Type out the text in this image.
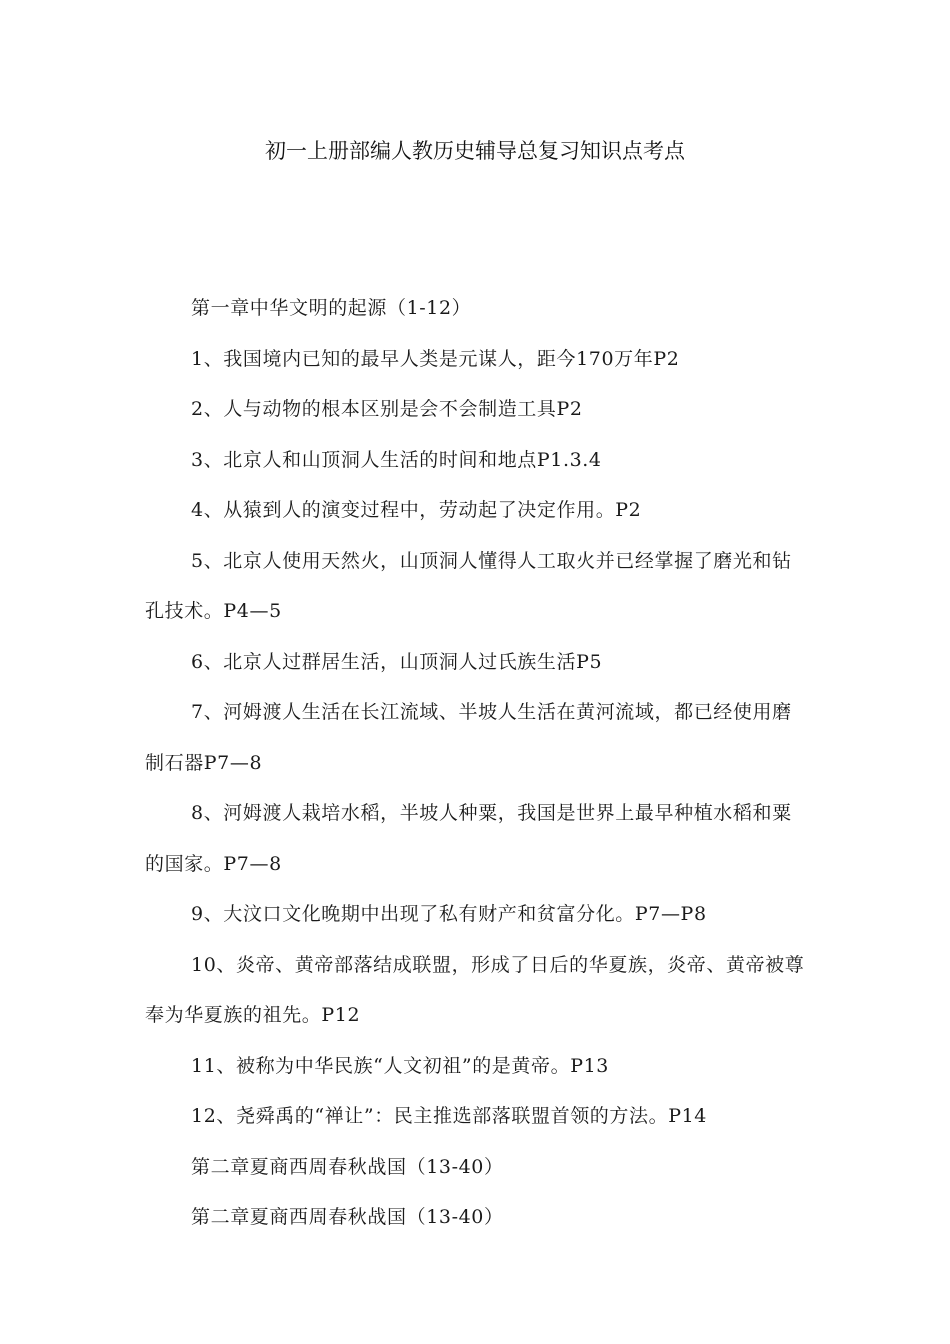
初一上册部编人教历史辅导总复习知识点考点

第一章中华文明的起源（1-12）

1、我国境内已知的最早人类是元谋人，距今170万年P2

2、人与动物的根本区别是会不会制造工具P2

3、北京人和山顶洞人生活的时间和地点P1.3.4

4、从猿到人的演变过程中，劳动起了决定作用。P2

5、北京人使用天然火，山顶洞人懂得人工取火并已经掌握了磨光和钻孔技术。P4—5

6、北京人过群居生活，山顶洞人过氏族生活P5

7、河姆渡人生活在长江流域、半坡人生活在黄河流域，都已经使用磨制石器P7—8

8、河姆渡人栽培水稻，半坡人种粟，我国是世界上最早种植水稻和粟的国家。P7—8

9、大汶口文化晚期中出现了私有财产和贫富分化。P7—P8

10、炎帝、黄帝部落结成联盟，形成了日后的华夏族，炎帝、黄帝被尊奉为华夏族的祖先。P12

11、被称为中华民族“人文初祖”的是黄帝。P13

12、尧舜禹的“禅让”：民主推选部落联盟首领的方法。P14

第二章夏商西周春秋战国（13-40）

第二章夏商西周春秋战国（13-40）
